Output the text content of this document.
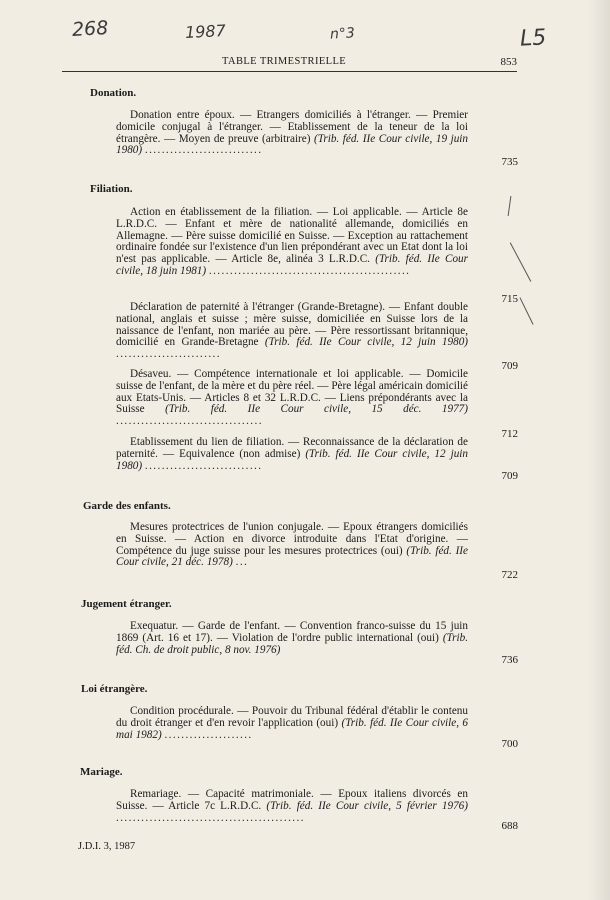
268	1987	n°3	L5
TABLE TRIMESTRIELLE	853
Donation.

Donation entre époux. — Etrangers domiciliés à l'étranger. — Premier domicile conjugal à l'étranger. — Etablissement de la teneur de la loi étrangère. — Moyen de preuve (arbitraire) (Trib. féd. IIe Cour civile, 19 juin 1980) ............................

735
Filiation.

Action en établissement de la filiation. — Loi applicable. — Article 8e L.R.D.C. — Enfant et mère de nationalité allemande, domiciliés en Allemagne. — Père suisse domicilié en Suisse. — Exception au rattachement ordinaire fondée sur l'existence d'un lien prépondérant avec un Etat dont la loi n'est pas applicable. — Article 8e, alinéa 3 L.R.D.C. (Trib. féd. IIe Cour civile, 18 juin 1981) ................................................

715

Déclaration de paternité à l'étranger (Grande-Bretagne). — Enfant double national, anglais et suisse ; mère suisse, domiciliée en Suisse lors de la naissance de l'enfant, non mariée au père. — Père ressortissant britannique, domicilié en Grande-Bretagne (Trib. féd. IIe Cour civile, 12 juin 1980) .........................

709

Désaveu. — Compétence internationale et loi applicable. — Domicile suisse de l'enfant, de la mère et du père réel. — Père légal américain domicilié aux Etats-Unis. — Articles 8 et 32 L.R.D.C. — Liens prépondérants avec la Suisse (Trib. féd. IIe Cour civile, 15 déc. 1977) ...................................

712

Etablissement du lien de filiation. — Reconnaissance de la déclaration de paternité. — Equivalence (non admise) (Trib. féd. IIe Cour civile, 12 juin 1980) ............................

709
Garde des enfants.

Mesures protectrices de l'union conjugale. — Epoux étrangers domiciliés en Suisse. — Action en divorce introduite dans l'Etat d'origine. — Compétence du juge suisse pour les mesures protectrices (oui) (Trib. féd. IIe Cour civile, 21 déc. 1978) ...

722
Jugement étranger.

Exequatur. — Garde de l'enfant. — Convention franco-suisse du 15 juin 1869 (Art. 16 et 17). — Violation de l'ordre public international (oui) (Trib. féd. Ch. de droit public, 8 nov. 1976)

736
Loi étrangère.

Condition procédurale. — Pouvoir du Tribunal fédéral d'établir le contenu du droit étranger et d'en revoir l'application (oui) (Trib. féd. IIe Cour civile, 6 mai 1982) .....................

700
Mariage.

Remariage. — Capacité matrimoniale. — Epoux italiens divorcés en Suisse. — Article 7c L.R.D.C. (Trib. féd. IIe Cour civile, 5 février 1976) .............................................

688
J.D.I. 3, 1987
